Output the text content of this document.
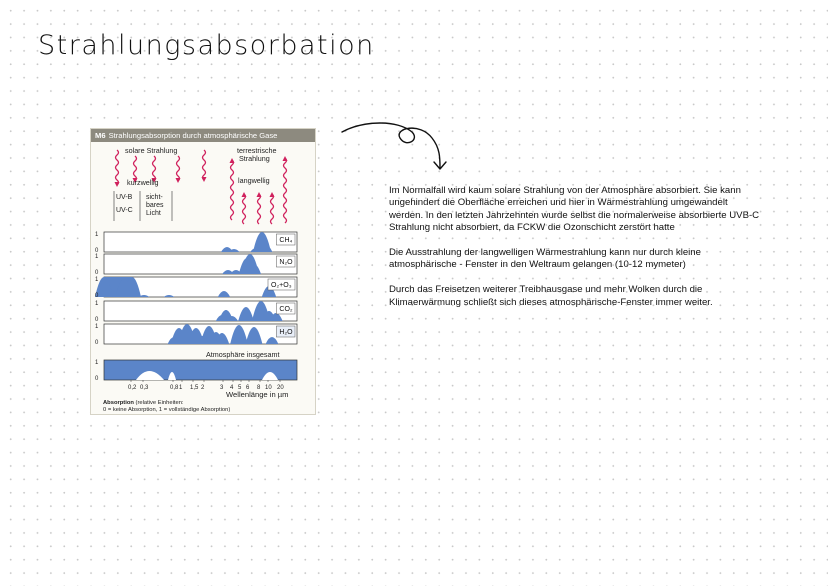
Strahlungsabsorbation
M6 Strahlungsabsorption durch atmosphärische Gase
solare Strahlung
kurzwellig
terrestrische
Strahlung
langwellig
UV-B
UV-C
sicht-
bares
Licht
1
0
CH₄
1
0
N₂O
1
0
O₂+O₃
1
0
CO₂
1
0
H₂O
1
0
Atmosphäre insgesamt
0,2 0,3	0,8 1 1,5 2	3 4 5 6 8 10 20
Wellenlänge in µm
Absorption (relative Einheiten:
0 = keine Absorption, 1 = vollständige Absorption)

Im Normalfall wird kaum solare Strahlung von der Atmosphäre absorbiert. Sie kann ungehindert die Oberfläche erreichen und hier in Wärmestrahlung umgewandelt werden. In den letzten Jahrzehnten wurde selbst die normalerweise absorbierte UVB-C Strahlung nicht absorbiert, da FCKW die Ozonschicht zerstört hatte

Die Ausstrahlung der langwelligen Wärmestrahlung kann nur durch kleine atmosphärische - Fenster in den Weltraum gelangen (10-12 mymeter)

Durch das Freisetzen weiterer Treibhausgase und mehr Wolken durch die Klimaerwärmung schließt sich dieses atmosphärische-Fenster immer weiter.
